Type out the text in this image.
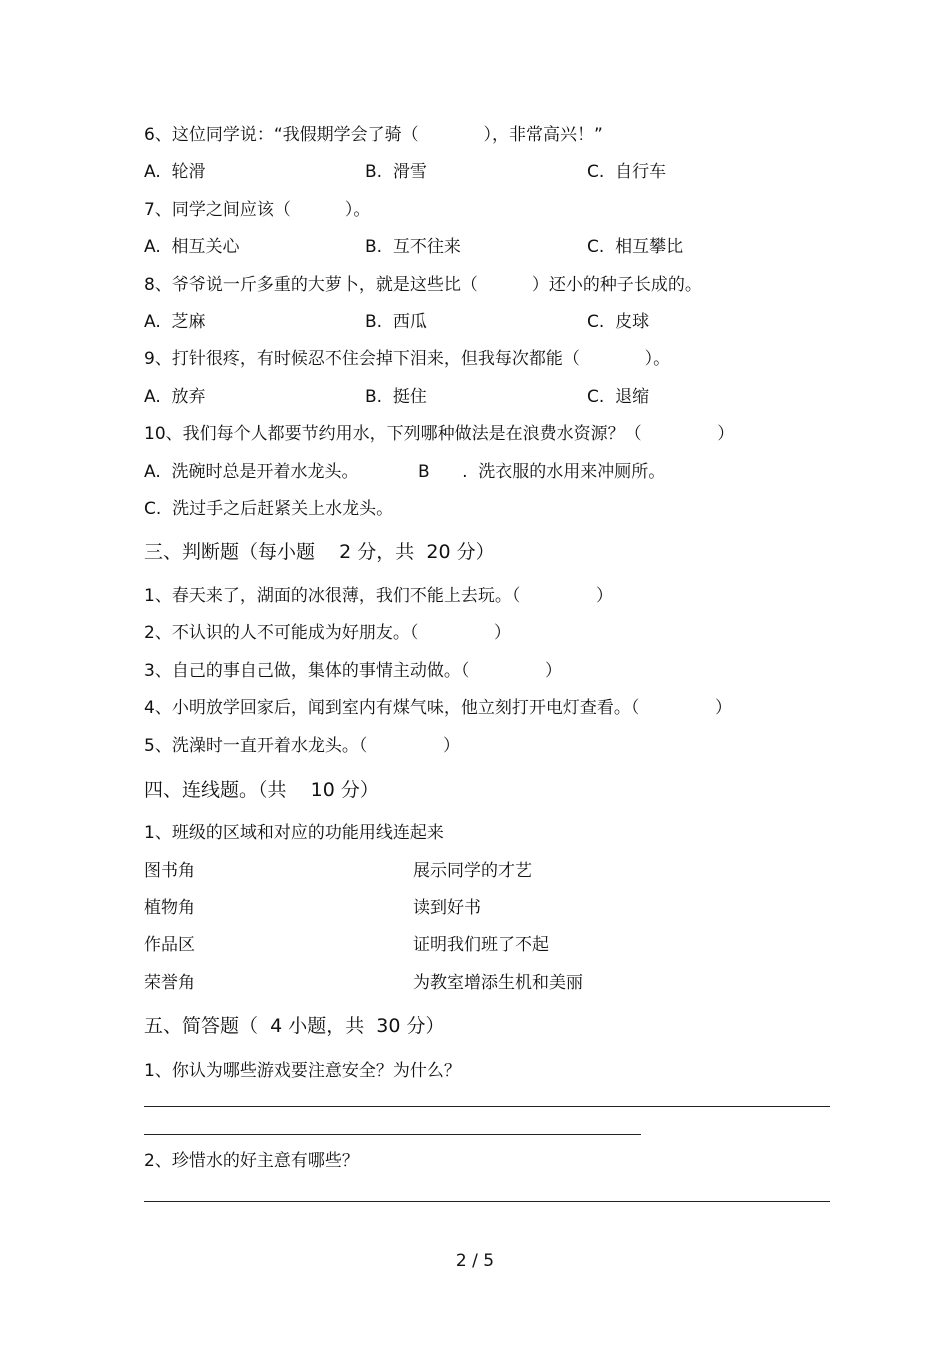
6、这位同学说：“我假期学会了骑（            ），非常高兴！”
A.  轮滑	B.  滑雪	C.  自行车
7、同学之间应该（          ）。
A.  相互关心	B.  互不往来	C.  相互攀比
8、爷爷说一斤多重的大萝卜，就是这些比（          ）还小的种子长成的。
A.  芝麻	B.  西瓜	C.  皮球
9、打针很疼，有时候忍不住会掉下泪来，但我每次都能（            ）。
A.  放弃	B.  挺住	C.  退缩
10、我们每个人都要节约用水，下列哪种做法是在浪费水资源？（              ）
A.  洗碗时总是开着水龙头。	B      .  洗衣服的水用来冲厕所。
C.  洗过手之后赶紧关上水龙头。
三、判断题（每小题    2 分，共  20 分）
1、春天来了，湖面的冰很薄，我们不能上去玩。（              ）
2、不认识的人不可能成为好朋友。（              ）
3、自己的事自己做，集体的事情主动做。（              ）
4、小明放学回家后，闻到室内有煤气味，他立刻打开电灯查看。（              ）
5、洗澡时一直开着水龙头。（              ）
四、连线题。（共    10 分）
1、班级的区域和对应的功能用线连起来
图书角	展示同学的才艺
植物角	读到好书
作品区	证明我们班了不起
荣誉角	为教室增添生机和美丽
五、简答题（  4 小题，共  30 分）
1、你认为哪些游戏要注意安全？为什么？
2、珍惜水的好主意有哪些？
2 / 5
